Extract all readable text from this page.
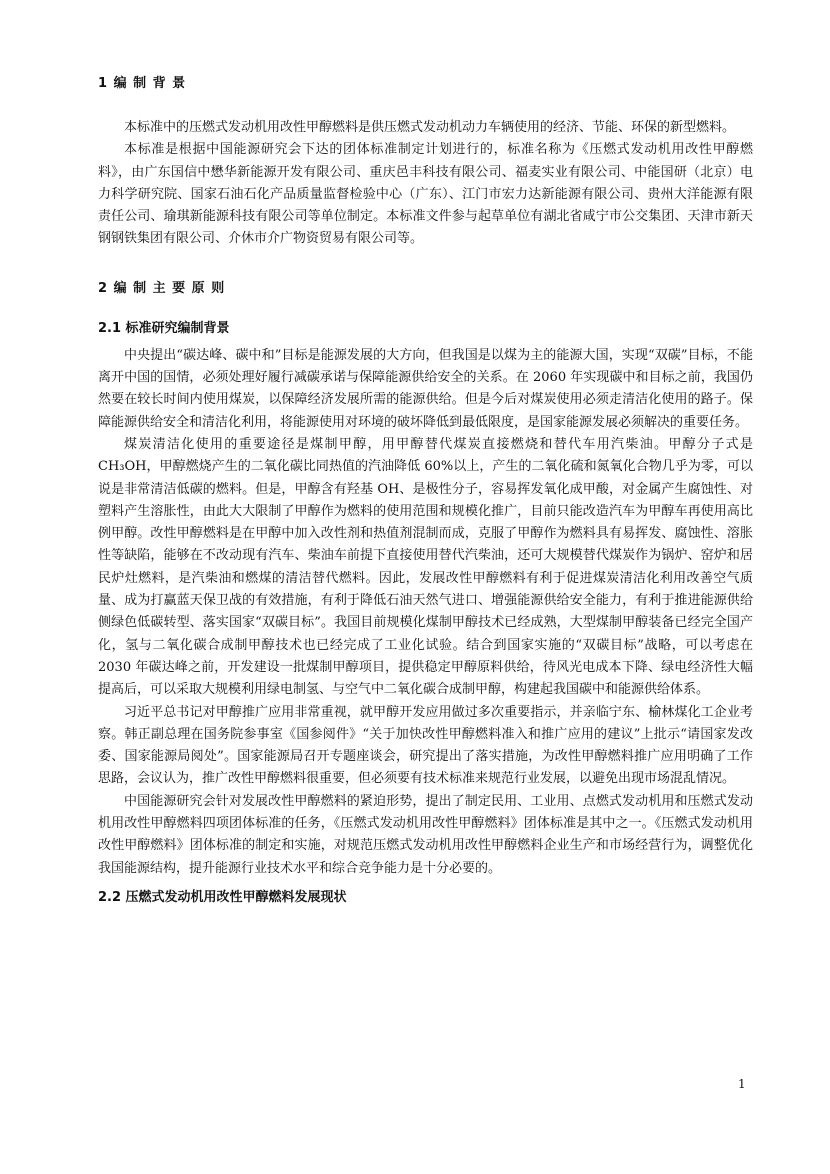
1 编 制 背 景

本标准中的压燃式发动机用改性甲醇燃料是供压燃式发动机动力车辆使用的经济、节能、环保的新型燃料。

本标准是根据中国能源研究会下达的团体标准制定计划进行的，标准名称为《压燃式发动机用改性甲醇燃料》，由广东国信中懋华新能源开发有限公司、重庆邑丰科技有限公司、福麦实业有限公司、中能国研（北京）电力科学研究院、国家石油石化产品质量监督检验中心（广东）、江门市宏力达新能源有限公司、贵州大洋能源有限责任公司、瑜琪新能源科技有限公司等单位制定。本标准文件参与起草单位有湖北省咸宁市公交集团、天津市新天钢钢铁集团有限公司、介休市介广物资贸易有限公司等。

2 编 制 主 要 原 则
2.1 标准研究编制背景

中央提出“碳达峰、碳中和”目标是能源发展的大方向，但我国是以煤为主的能源大国，实现“双碳”目标，不能离开中国的国情，必须处理好履行减碳承诺与保障能源供给安全的关系。在 2060 年实现碳中和目标之前，我国仍然要在较长时间内使用煤炭，以保障经济发展所需的能源供给。但是今后对煤炭使用必须走清洁化使用的路子。保障能源供给安全和清洁化利用，将能源使用对环境的破坏降低到最低限度，是国家能源发展必须解决的重要任务。

煤炭清洁化使用的重要途径是煤制甲醇，用甲醇替代煤炭直接燃烧和替代车用汽柴油。甲醇分子式是 CH₃OH，甲醇燃烧产生的二氧化碳比同热值的汽油降低 60%以上，产生的二氧化硫和氮氧化合物几乎为零，可以说是非常清洁低碳的燃料。但是，甲醇含有羟基 OH、是极性分子，容易挥发氧化成甲酸，对金属产生腐蚀性、对塑料产生溶胀性，由此大大限制了甲醇作为燃料的使用范围和规模化推广，目前只能改造汽车为甲醇车再使用高比例甲醇。改性甲醇燃料是在甲醇中加入改性剂和热值剂混制而成，克服了甲醇作为燃料具有易挥发、腐蚀性、溶胀性等缺陷，能够在不改动现有汽车、柴油车前提下直接使用替代汽柴油，还可大规模替代煤炭作为锅炉、窑炉和居民炉灶燃料，是汽柴油和燃煤的清洁替代燃料。因此，发展改性甲醇燃料有利于促进煤炭清洁化利用改善空气质量、成为打赢蓝天保卫战的有效措施，有利于降低石油天然气进口、增强能源供给安全能力，有利于推进能源供给侧绿色低碳转型、落实国家“双碳目标”。我国目前规模化煤制甲醇技术已经成熟，大型煤制甲醇装备已经完全国产化，氢与二氧化碳合成制甲醇技术也已经完成了工业化试验。结合到国家实施的“双碳目标”战略，可以考虑在 2030 年碳达峰之前，开发建设一批煤制甲醇项目，提供稳定甲醇原料供给，待风光电成本下降、绿电经济性大幅提高后，可以采取大规模利用绿电制氢、与空气中二氧化碳合成制甲醇，构建起我国碳中和能源供给体系。

习近平总书记对甲醇推广应用非常重视，就甲醇开发应用做过多次重要指示，并亲临宁东、榆林煤化工企业考察。韩正副总理在国务院参事室《国参阅件》“关于加快改性甲醇燃料准入和推广应用的建议”上批示“请国家发改委、国家能源局阅处”。国家能源局召开专题座谈会，研究提出了落实措施，为改性甲醇燃料推广应用明确了工作思路，会议认为，推广改性甲醇燃料很重要，但必须要有技术标准来规范行业发展，以避免出现市场混乱情况。

中国能源研究会针对发展改性甲醇燃料的紧迫形势，提出了制定民用、工业用、点燃式发动机用和压燃式发动机用改性甲醇燃料四项团体标准的任务，《压燃式发动机用改性甲醇燃料》团体标准是其中之一。《压燃式发动机用改性甲醇燃料》团体标准的制定和实施，对规范压燃式发动机用改性甲醇燃料企业生产和市场经营行为，调整优化我国能源结构，提升能源行业技术水平和综合竞争能力是十分必要的。

2.2 压燃式发动机用改性甲醇燃料发展现状
1
